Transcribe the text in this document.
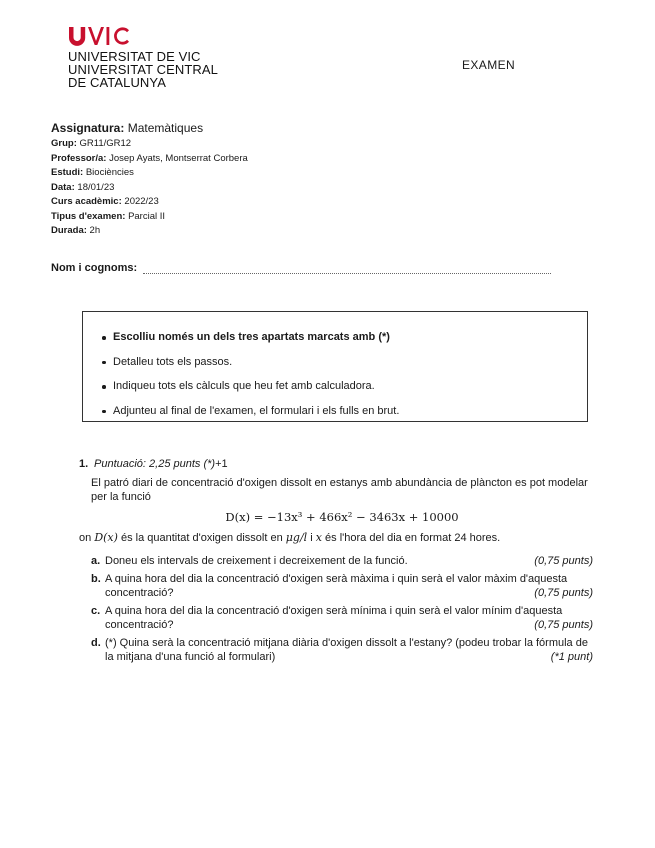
UNIVERSITAT DE VIC
UNIVERSITAT CENTRAL
DE CATALUNYA
EXAMEN
Assignatura: Matemàtiques
Grup: GR11/GR12
Professor/a: Josep Ayats, Montserrat Corbera
Estudi: Biociències
Data: 18/01/23
Curs acadèmic: 2022/23
Tipus d'examen: Parcial II
Durada: 2h
Nom i cognoms:
Escolliu només un dels tres apartats marcats amb (*)
Detalleu tots els passos.
Indiqueu tots els càlculs que heu fet amb calculadora.
Adjunteu al final de l'examen, el formulari i els fulls en brut.
1. Puntuació: 2,25 punts (*)+1
El patró diari de concentració d'oxigen dissolt en estanys amb abundància de plàncton es pot modelar per la funció
D(x) = −13x³ + 466x² − 3463x + 10000
on D(x) és la quantitat d'oxigen dissolt en μg/l i x és l'hora del dia en format 24 hores.
a. Doneu els intervals de creixement i decreixement de la funció.	(0,75 punts)
b. A quina hora del dia la concentració d'oxigen serà màxima i quin serà el valor màxim d'aquesta concentració?	(0,75 punts)
c. A quina hora del dia la concentració d'oxigen serà mínima i quin serà el valor mínim d'aquesta concentració?	(0,75 punts)
d. (*) Quina serà la concentració mitjana diària d'oxigen dissolt a l'estany? (podeu trobar la fórmula de la mitjana d'una funció al formulari)	(*1 punt)
